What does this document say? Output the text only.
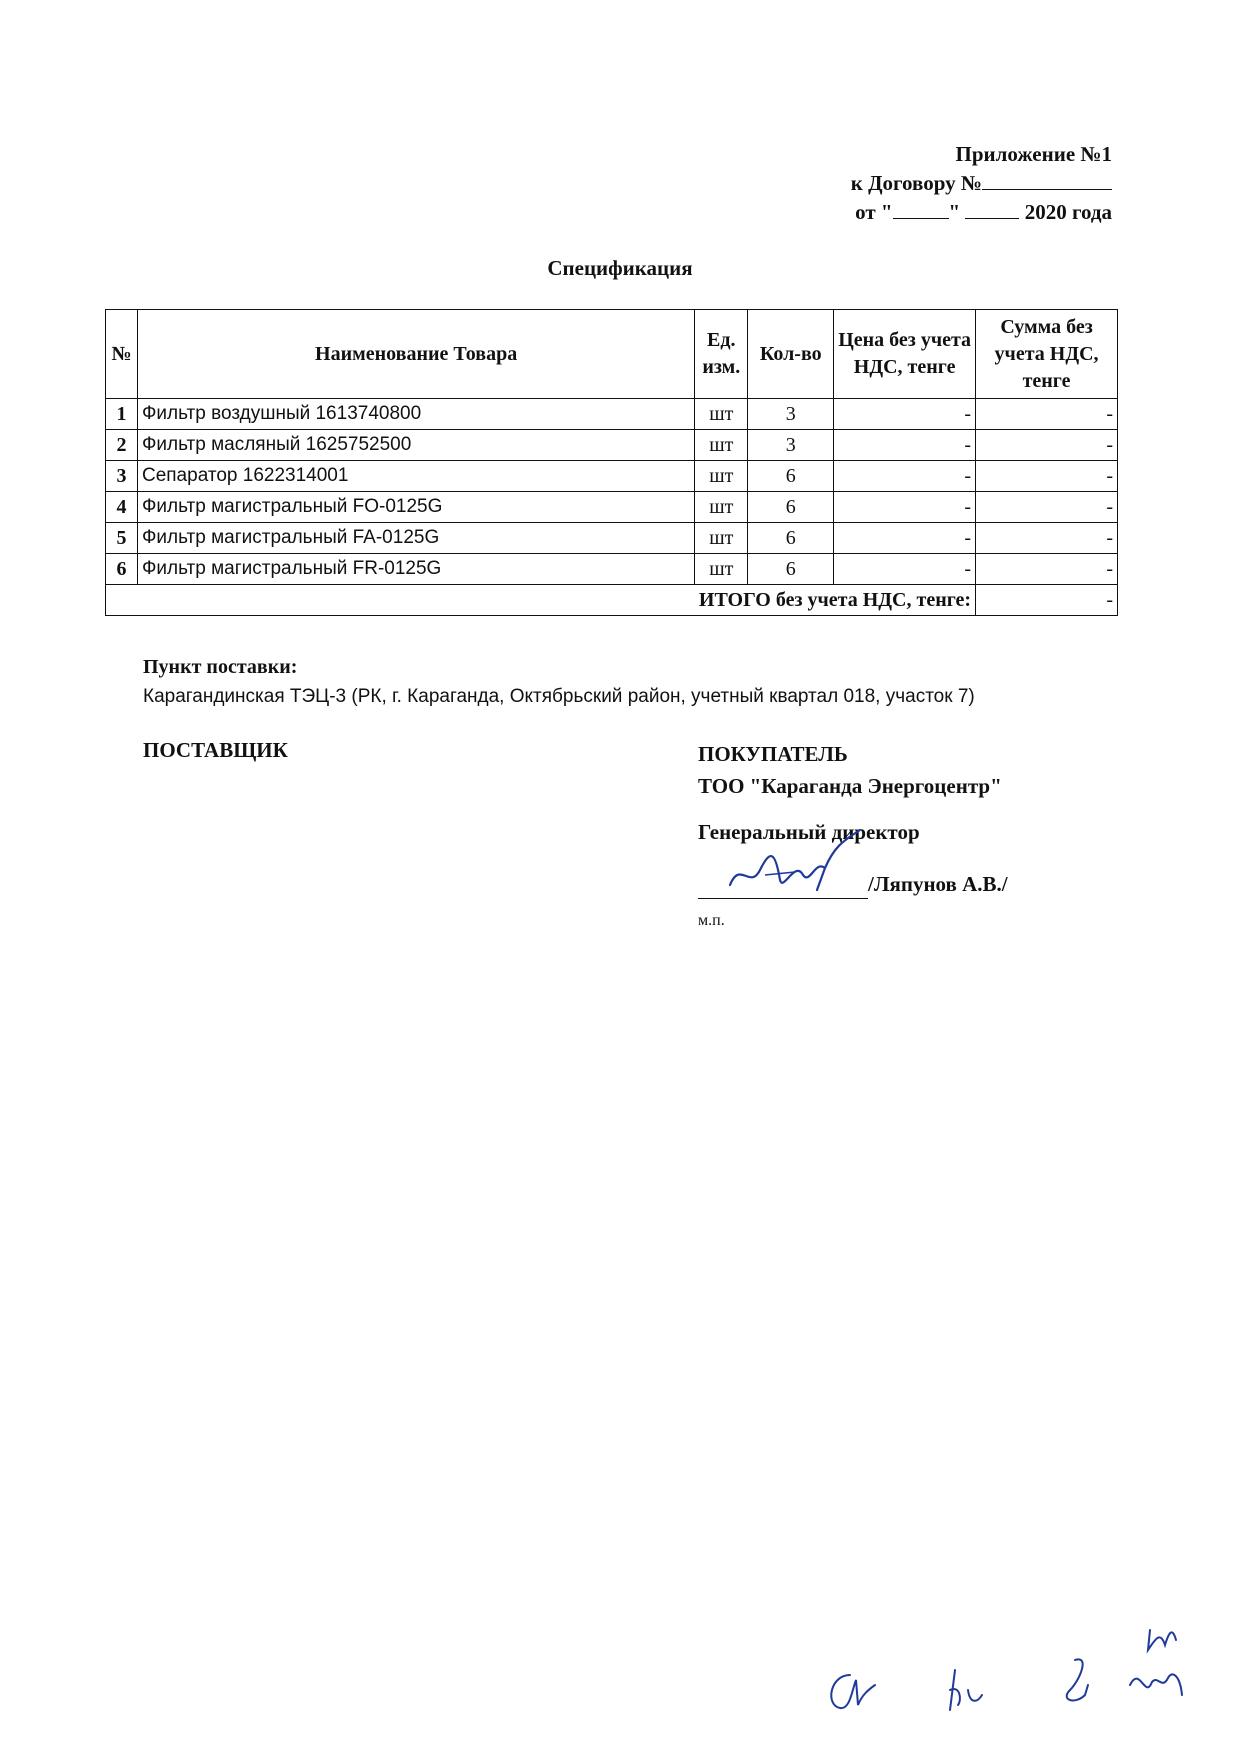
Приложение №1
к Договору №
от "	"	2020 года
Спецификация
№	Наименование Товара	Ед. изм.	Кол-во	Цена без учета НДС, тенге	Сумма без учета НДС, тенге
1	Фильтр воздушный 1613740800	шт	3	-	-
2	Фильтр масляный 1625752500	шт	3	-	-
3	Сепаратор 1622314001	шт	6	-	-
4	Фильтр магистральный FO-0125G	шт	6	-	-
5	Фильтр магистральный FA-0125G	шт	6	-	-
6	Фильтр магистральный FR-0125G	шт	6	-	-
ИТОГО без учета НДС, тенге:					-
Пункт поставки:
Карагандинская ТЭЦ-3 (РК, г. Караганда, Октябрьский район, учетный квартал 018, участок 7)
ПОСТАВЩИК	ПОКУПАТЕЛЬ
ТОО "Караганда Энергоцентр"
Генеральный директор
/Ляпунов А.В./
м.п.
